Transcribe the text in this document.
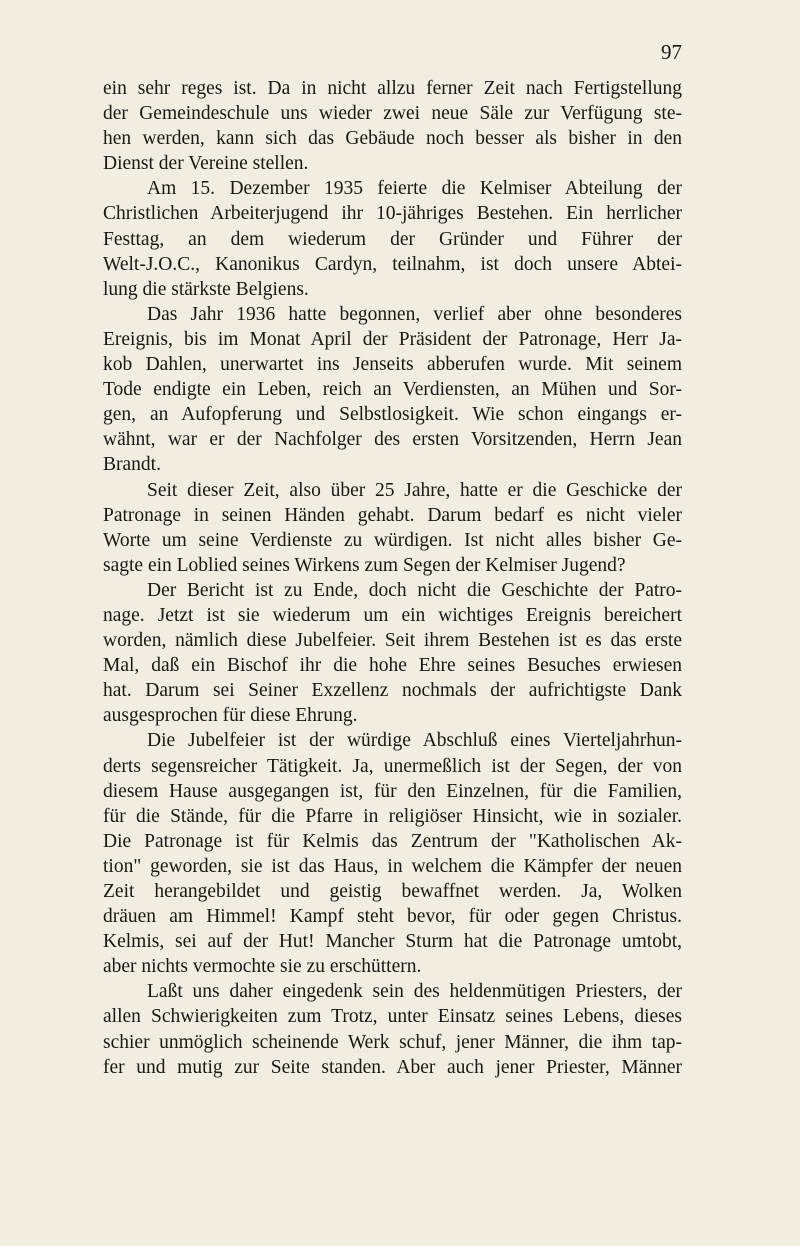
97
ein sehr reges ist. Da in nicht allzu ferner Zeit nach Fertigstellung
der Gemeindeschule uns wieder zwei neue Säle zur Verfügung ste-
hen werden, kann sich das Gebäude noch besser als bisher in den
Dienst der Vereine stellen.
Am 15. Dezember 1935 feierte die Kelmiser Abteilung der
Christlichen Arbeiterjugend ihr 10-jähriges Bestehen. Ein herrlicher
Festtag, an dem wiederum der Gründer und Führer der
Welt-J.O.C., Kanonikus Cardyn, teilnahm, ist doch unsere Abtei-
lung die stärkste Belgiens.
Das Jahr 1936 hatte begonnen, verlief aber ohne besonderes
Ereignis, bis im Monat April der Präsident der Patronage, Herr Ja-
kob Dahlen, unerwartet ins Jenseits abberufen wurde. Mit seinem
Tode endigte ein Leben, reich an Verdiensten, an Mühen und Sor-
gen, an Aufopferung und Selbstlosigkeit. Wie schon eingangs er-
wähnt, war er der Nachfolger des ersten Vorsitzenden, Herrn Jean
Brandt.
Seit dieser Zeit, also über 25 Jahre, hatte er die Geschicke der
Patronage in seinen Händen gehabt. Darum bedarf es nicht vieler
Worte um seine Verdienste zu würdigen. Ist nicht alles bisher Ge-
sagte ein Loblied seines Wirkens zum Segen der Kelmiser Jugend?
Der Bericht ist zu Ende, doch nicht die Geschichte der Patro-
nage. Jetzt ist sie wiederum um ein wichtiges Ereignis bereichert
worden, nämlich diese Jubelfeier. Seit ihrem Bestehen ist es das erste
Mal, daß ein Bischof ihr die hohe Ehre seines Besuches erwiesen
hat. Darum sei Seiner Exzellenz nochmals der aufrichtigste Dank
ausgesprochen für diese Ehrung.
Die Jubelfeier ist der würdige Abschluß eines Vierteljahrhun-
derts segensreicher Tätigkeit. Ja, unermeßlich ist der Segen, der von
diesem Hause ausgegangen ist, für den Einzelnen, für die Familien,
für die Stände, für die Pfarre in religiöser Hinsicht, wie in sozialer.
Die Patronage ist für Kelmis das Zentrum der "Katholischen Ak-
tion" geworden, sie ist das Haus, in welchem die Kämpfer der neuen
Zeit herangebildet und geistig bewaffnet werden. Ja, Wolken
dräuen am Himmel! Kampf steht bevor, für oder gegen Christus.
Kelmis, sei auf der Hut! Mancher Sturm hat die Patronage umtobt,
aber nichts vermochte sie zu erschüttern.
Laßt uns daher eingedenk sein des heldenmütigen Priesters, der
allen Schwierigkeiten zum Trotz, unter Einsatz seines Lebens, dieses
schier unmöglich scheinende Werk schuf, jener Männer, die ihm tap-
fer und mutig zur Seite standen. Aber auch jener Priester, Männer
